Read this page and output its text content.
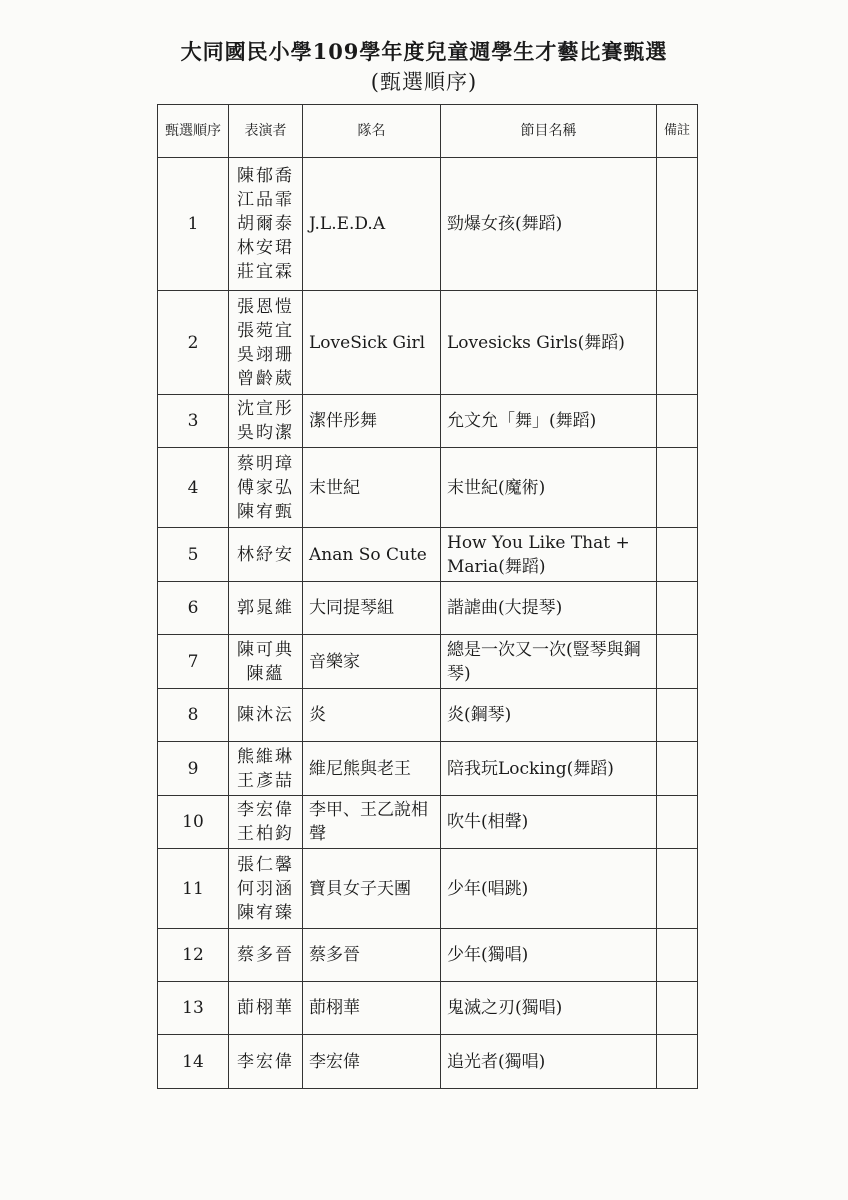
大同國民小學109學年度兒童週學生才藝比賽甄選
(甄選順序)
甄選順序	表演者	隊名	節目名稱	備註
1	陳郁喬
江品霏
胡爾泰
林安珺
莊宜霖	J.L.E.D.A	勁爆女孩(舞蹈)	
2	張恩愷
張菀宜
吳翊珊
曾齡葳	LoveSick Girl	Lovesicks Girls(舞蹈)	
3	沈宣彤
吳昀潔	潔伴彤舞	允文允「舞」(舞蹈)	
4	蔡明璋
傅家弘
陳宥甄	末世紀	末世紀(魔術)	
5	林紓安	Anan So Cute	How You Like That + Maria(舞蹈)	
6	郭晁維	大同提琴組	諧謔曲(大提琴)	
7	陳可典
陳蘊	音樂家	總是一次又一次(豎琴與鋼琴)	
8	陳沐沄	炎	炎(鋼琴)	
9	熊維琳
王彥喆	維尼熊與老王	陪我玩Locking(舞蹈)	
10	李宏偉
王柏鈞	李甲、王乙說相聲	吹牛(相聲)	
11	張仁馨
何羽涵
陳宥臻	寶貝女子天團	少年(唱跳)	
12	蔡多晉	蔡多晉	少年(獨唱)	
13	莭栩華	莭栩華	鬼滅之刃(獨唱)	
14	李宏偉	李宏偉	追光者(獨唱)	
